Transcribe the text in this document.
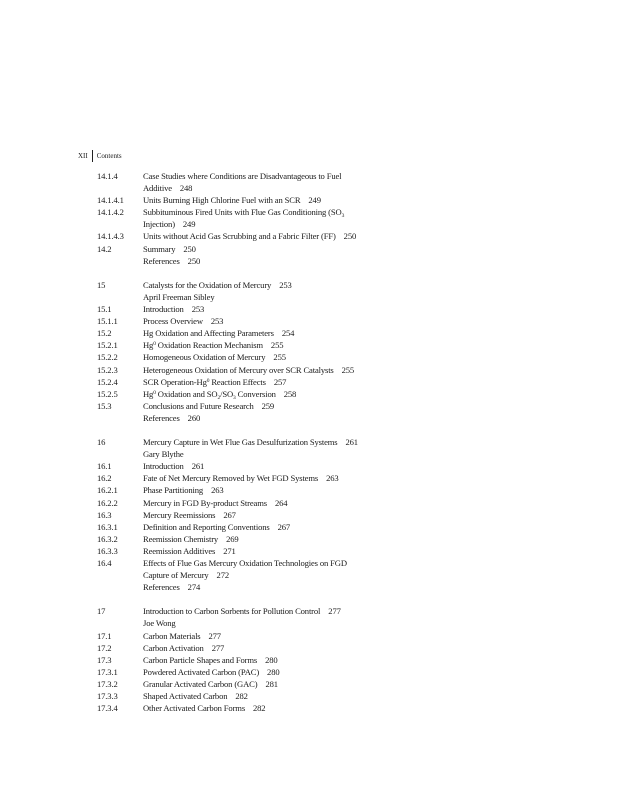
XII	Contents
14.1.4	Case Studies where Conditions are Disadvantageous to Fuel
Additive 248
14.1.4.1	Units Burning High Chlorine Fuel with an SCR 249
14.1.4.2	Subbituminous Fired Units with Flue Gas Conditioning ($SO_3$
Injection) 249
14.1.4.3	Units without Acid Gas Scrubbing and a Fabric Filter (FF) 250
14.2	Summary 250
References 250
15	Catalysts for the Oxidation of Mercury 253
April Freeman Sibley
15.1	Introduction 253
15.1.1	Process Overview 253
15.2	Hg Oxidation and Affecting Parameters 254
15.2.1	Hg$^0$ Oxidation Reaction Mechanism 255
15.2.2	Homogeneous Oxidation of Mercury 255
15.2.3	Heterogeneous Oxidation of Mercury over SCR Catalysts 255
15.2.4	SCR Operation-Hg$^0$ Reaction Effects 257
15.2.5	Hg$^0$ Oxidation and $SO_2/SO_3$ Conversion 258
15.3	Conclusions and Future Research 259
References 260
16	Mercury Capture in Wet Flue Gas Desulfurization Systems 261
Gary Blythe
16.1	Introduction 261
16.2	Fate of Net Mercury Removed by Wet FGD Systems 263
16.2.1	Phase Partitioning 263
16.2.2	Mercury in FGD By-product Streams 264
16.3	Mercury Reemissions 267
16.3.1	Definition and Reporting Conventions 267
16.3.2	Reemission Chemistry 269
16.3.3	Reemission Additives 271
16.4	Effects of Flue Gas Mercury Oxidation Technologies on FGD
Capture of Mercury 272
References 274
17	Introduction to Carbon Sorbents for Pollution Control 277
Joe Wong
17.1	Carbon Materials 277
17.2	Carbon Activation 277
17.3	Carbon Particle Shapes and Forms 280
17.3.1	Powdered Activated Carbon (PAC) 280
17.3.2	Granular Activated Carbon (GAC) 281
17.3.3	Shaped Activated Carbon 282
17.3.4	Other Activated Carbon Forms 282
